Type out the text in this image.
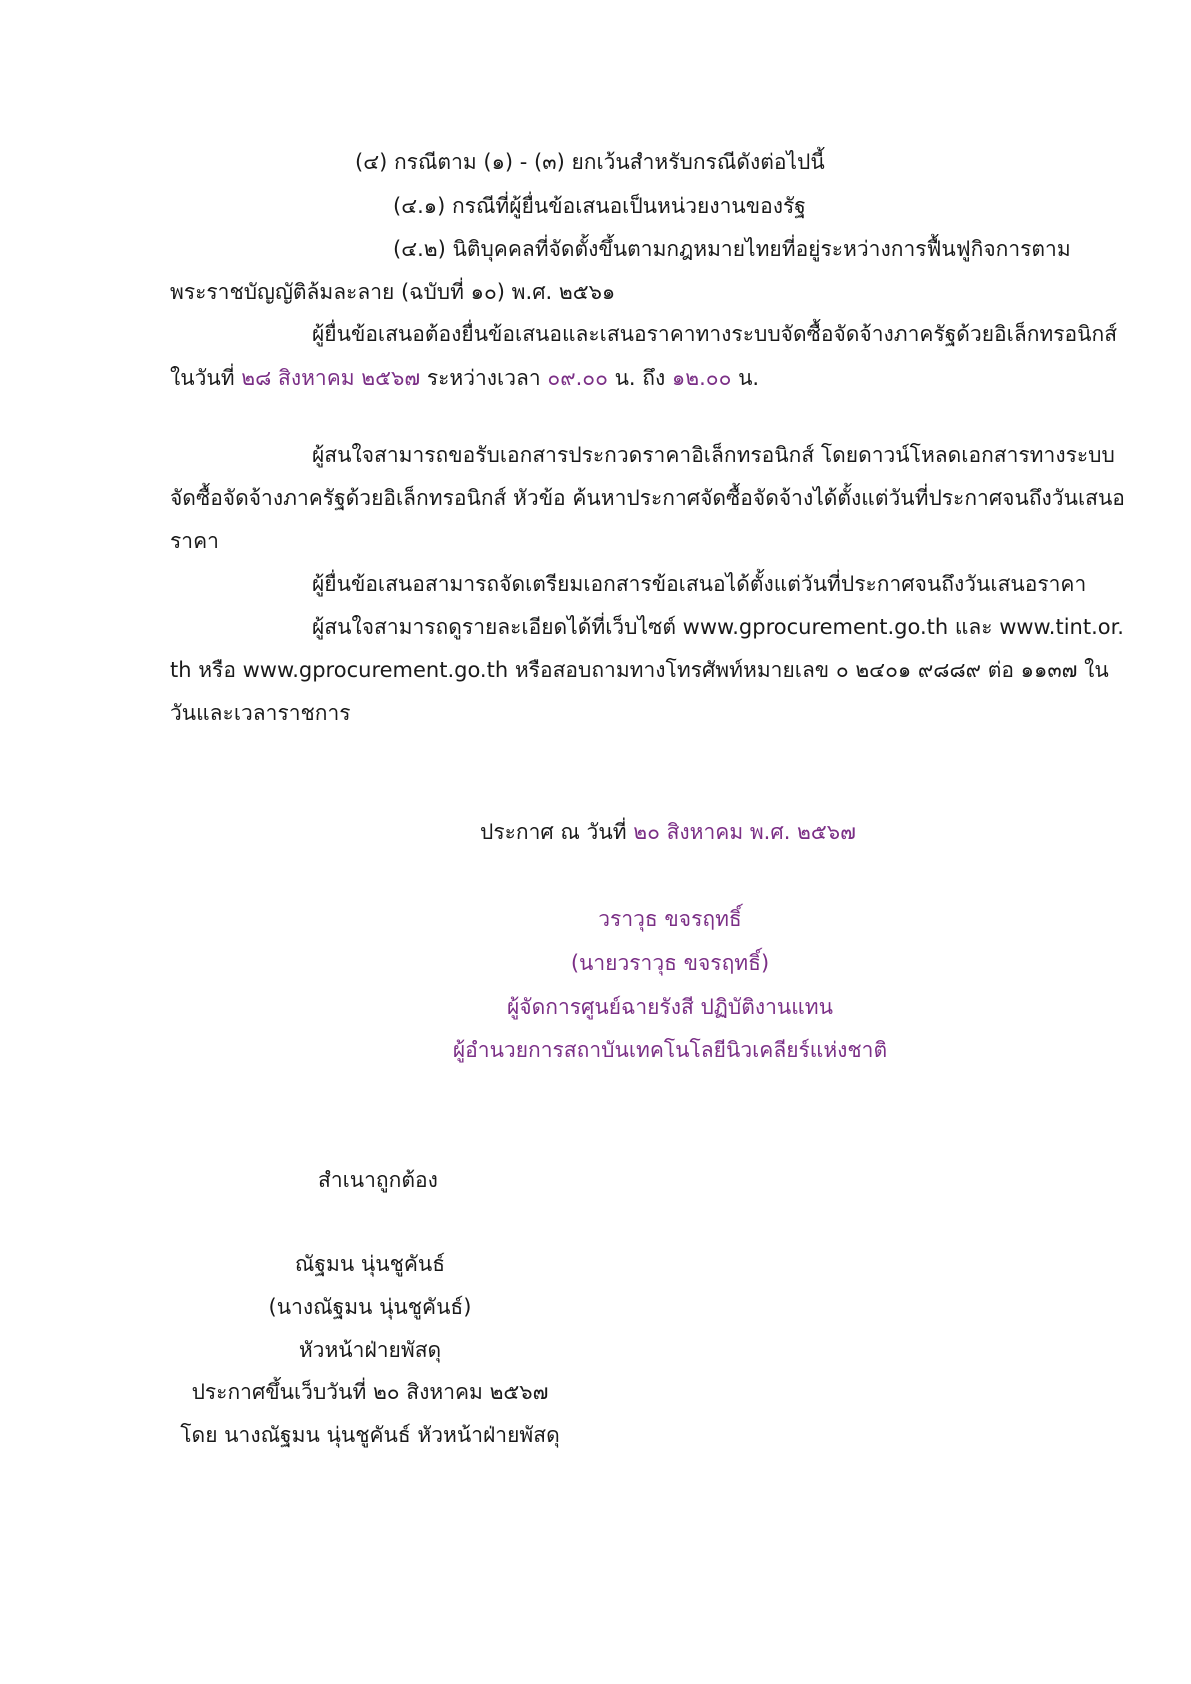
(๔) กรณีตาม (๑) - (๓) ยกเว้นสำหรับกรณีดังต่อไปนี้
(๔.๑) กรณีที่ผู้ยื่นข้อเสนอเป็นหน่วยงานของรัฐ
(๔.๒) นิติบุคคลที่จัดตั้งขึ้นตามกฎหมายไทยที่อยู่ระหว่างการฟื้นฟูกิจการตาม
พระราชบัญญัติล้มละลาย (ฉบับที่ ๑๐) พ.ศ. ๒๕๖๑
ผู้ยื่นข้อเสนอต้องยื่นข้อเสนอและเสนอราคาทางระบบจัดซื้อจัดจ้างภาครัฐด้วยอิเล็กทรอนิกส์
ในวันที่ ๒๘ สิงหาคม ๒๕๖๗ ระหว่างเวลา ๐๙.๐๐ น. ถึง ๑๒.๐๐ น.
ผู้สนใจสามารถขอรับเอกสารประกวดราคาอิเล็กทรอนิกส์ โดยดาวน์โหลดเอกสารทางระบบ
จัดซื้อจัดจ้างภาครัฐด้วยอิเล็กทรอนิกส์ หัวข้อ ค้นหาประกาศจัดซื้อจัดจ้างได้ตั้งแต่วันที่ประกาศจนถึงวันเสนอ
ราคา
ผู้ยื่นข้อเสนอสามารถจัดเตรียมเอกสารข้อเสนอได้ตั้งแต่วันที่ประกาศจนถึงวันเสนอราคา
ผู้สนใจสามารถดูรายละเอียดได้ที่เว็บไซต์ www.gprocurement.go.th และ www.tint.or.
th หรือ www.gprocurement.go.th หรือสอบถามทางโทรศัพท์หมายเลข ๐ ๒๔๐๑ ๙๘๘๙ ต่อ ๑๑๓๗ ใน
วันและเวลาราชการ
ประกาศ ณ วันที่ ๒๐ สิงหาคม พ.ศ. ๒๕๖๗
วราวุธ ขจรฤทธิ์
(นายวราวุธ ขจรฤทธิ์)
ผู้จัดการศูนย์ฉายรังสี ปฏิบัติงานแทน
ผู้อำนวยการสถาบันเทคโนโลยีนิวเคลียร์แห่งชาติ
สำเนาถูกต้อง
ณัฐมน นุ่นชูคันธ์
(นางณัฐมน นุ่นชูคันธ์)
หัวหน้าฝ่ายพัสดุ
ประกาศขึ้นเว็บวันที่ ๒๐ สิงหาคม ๒๕๖๗
โดย นางณัฐมน นุ่นชูคันธ์ หัวหน้าฝ่ายพัสดุ
